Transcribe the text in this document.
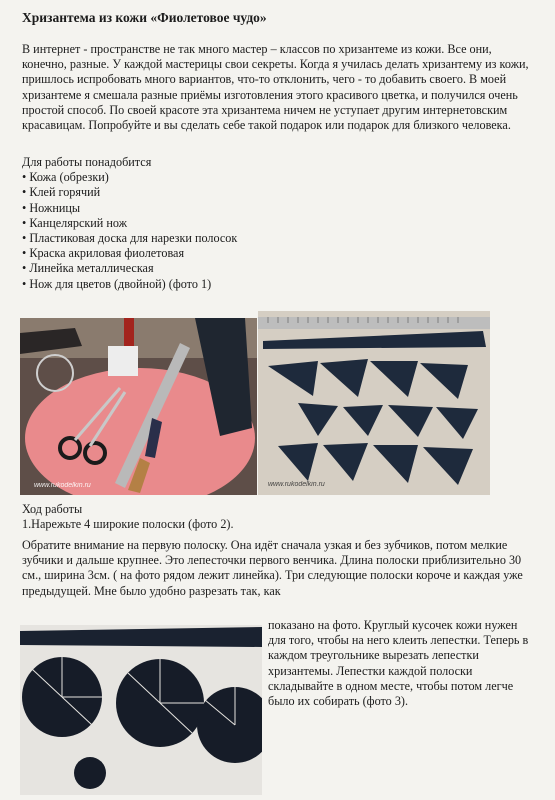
Хризантема из кожи «Фиолетовое чудо»
В интернет - пространстве не так много мастер – классов по хризантеме из кожи. Все они, конечно, разные. У каждой мастерицы свои секреты. Когда я училась делать хризантему из кожи, пришлось испробовать много вариантов, что-то отклонить, чего - то добавить своего. В моей хризантеме я смешала разные приёмы изготовления этого красивого цветка, и получился очень простой способ. По своей красоте эта хризантема ничем не уступает другим интернетовским красавицам. Попробуйте и вы сделать себе такой подарок или подарок для близкого человека.
Для работы понадобится
• Кожа (обрезки)
• Клей горячий
• Ножницы
• Канцелярский нож
• Пластиковая доска для нарезки полосок
• Краска акриловая фиолетовая
• Линейка металлическая
• Нож для цветов (двойной) (фото 1)
www.rukodelkin.ru	www.rukodelkin.ru
Ход работы
1.Нарежьте 4 широкие полоски (фото 2).
Обратите внимание на первую полоску. Она идёт сначала узкая и без зубчиков, потом мелкие зубчики и дальше крупнее. Это лепесточки первого венчика. Длина полоски приблизительно 30 см., ширина 3см. ( на фото рядом лежит линейка). Три следующие полоски короче и каждая уже предыдущей. Мне было удобно разрезать так, как
показано на фото. Круглый кусочек кожи нужен для того, чтобы на него клеить лепестки. Теперь в каждом треугольнике вырезать лепестки хризантемы. Лепестки каждой полоски складывайте в одном месте, чтобы потом легче было их собирать (фото 3).
